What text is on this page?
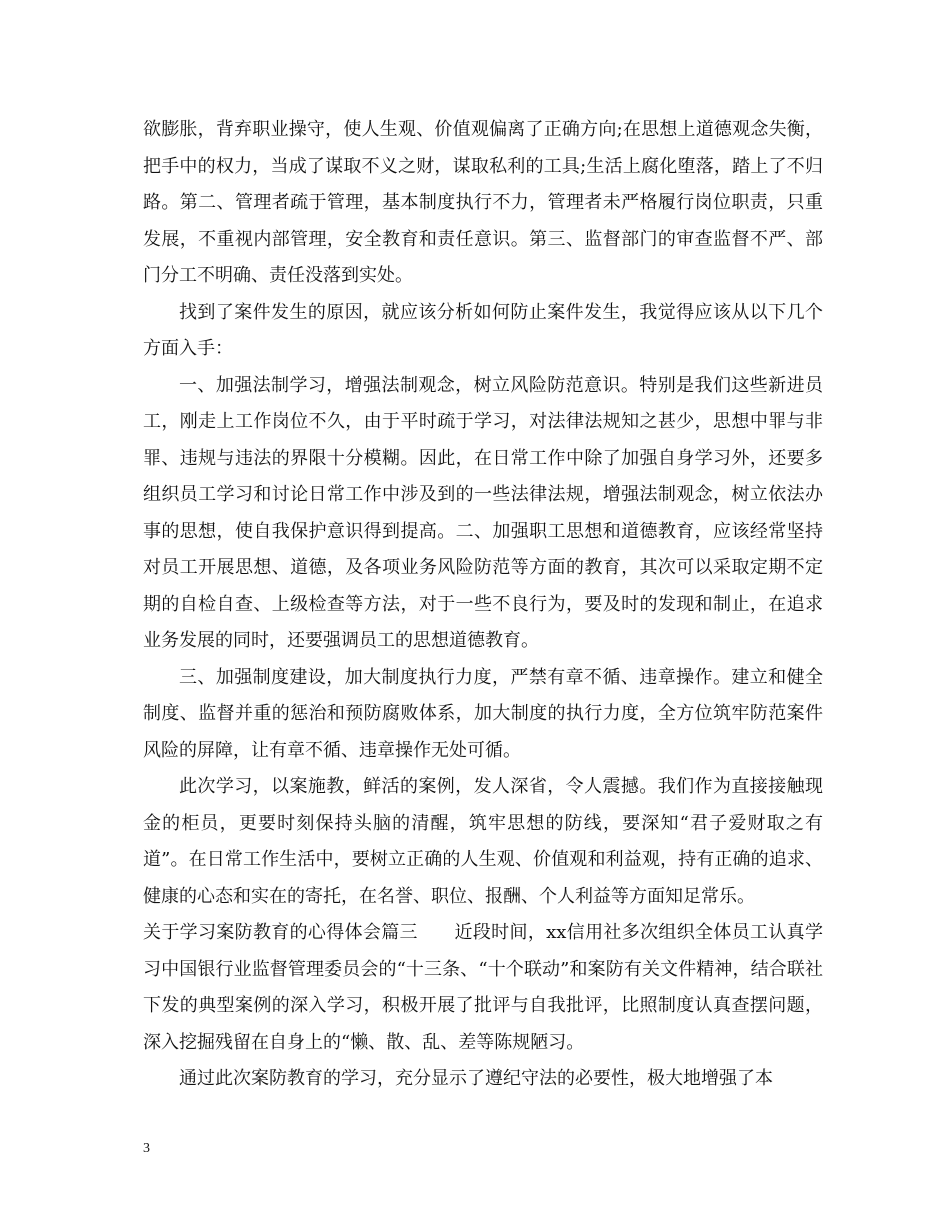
欲膨胀，背弃职业操守，使人生观、价值观偏离了正确方向;在思想上道德观念失衡，把手中的权力，当成了谋取不义之财，谋取私利的工具;生活上腐化堕落，踏上了不归路。第二、管理者疏于管理，基本制度执行不力，管理者未严格履行岗位职责，只重发展，不重视内部管理，安全教育和责任意识。第三、监督部门的审查监督不严、部门分工不明确、责任没落到实处。

找到了案件发生的原因，就应该分析如何防止案件发生，我觉得应该从以下几个方面入手：

一、加强法制学习，增强法制观念，树立风险防范意识。特别是我们这些新进员工，刚走上工作岗位不久，由于平时疏于学习，对法律法规知之甚少，思想中罪与非罪、违规与违法的界限十分模糊。因此，在日常工作中除了加强自身学习外，还要多组织员工学习和讨论日常工作中涉及到的一些法律法规，增强法制观念，树立依法办事的思想，使自我保护意识得到提高。二、加强职工思想和道德教育，应该经常坚持对员工开展思想、道德，及各项业务风险防范等方面的教育，其次可以采取定期不定期的自检自查、上级检查等方法，对于一些不良行为，要及时的发现和制止，在追求业务发展的同时，还要强调员工的思想道德教育。

三、加强制度建设，加大制度执行力度，严禁有章不循、违章操作。建立和健全制度、监督并重的惩治和预防腐败体系，加大制度的执行力度，全方位筑牢防范案件风险的屏障，让有章不循、违章操作无处可循。

此次学习，以案施教，鲜活的案例，发人深省，令人震撼。我们作为直接接触现金的柜员，更要时刻保持头脑的清醒，筑牢思想的防线，要深知“君子爱财取之有道”。在日常工作生活中，要树立正确的人生观、价值观和利益观，持有正确的追求、健康的心态和实在的寄托，在名誉、职位、报酬、个人利益等方面知足常乐。

关于学习案防教育的心得体会篇三　　近段时间，xx信用社多次组织全体员工认真学习中国银行业监督管理委员会的“十三条、“十个联动”和案防有关文件精神，结合联社下发的典型案例的深入学习，积极开展了批评与自我批评，比照制度认真查摆问题，深入挖掘残留在自身上的“懒、散、乱、差等陈规陋习。

通过此次案防教育的学习，充分显示了遵纪守法的必要性，极大地增强了本

3
